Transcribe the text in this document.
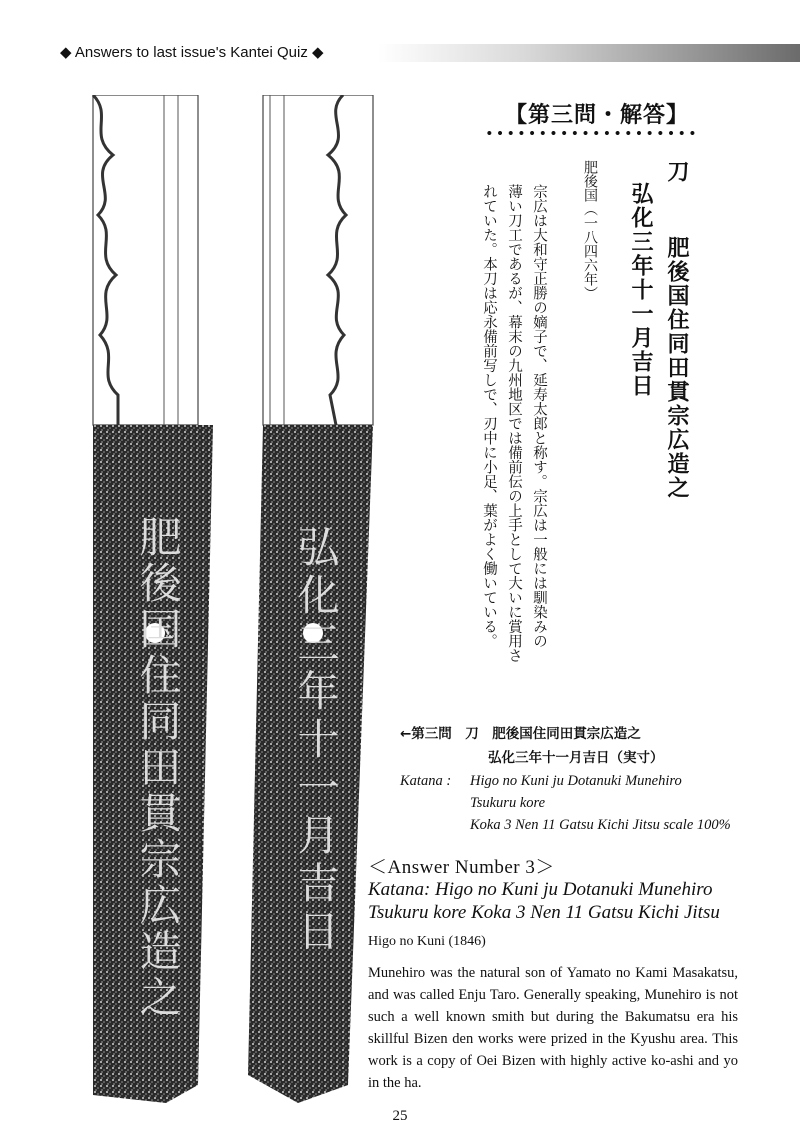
◆ Answers to last issue's Kantei Quiz ◆
肥後国住同田貫宗広造之	弘化三年十一月吉日
【第三問・解答】
刀
肥後国住同田貫宗広造之
弘化三年十一月吉日
肥後国（一八四六年）
宗広は大和守正勝の嫡子で、延寿太郎と称す。宗広は一般には馴染みの
薄い刀工であるが、幕末の九州地区では備前伝の上手として大いに賞用さ
れていた。本刀は応永備前写しで、刃中に小足、葉がよく働いている。
←第三問　刀　肥後国住同田貫宗広造之
弘化三年十一月吉日（実寸）
Katana :	Higo no Kuni ju Dotanuki Munehiro
Tsukuru kore
Koka 3 Nen 11 Gatsu Kichi Jitsu scale 100%
＜Answer Number 3＞
Katana: Higo no Kuni ju Dotanuki Munehiro
Tsukuru kore Koka 3 Nen 11 Gatsu Kichi Jitsu
Higo no Kuni (1846)
Munehiro was the natural son of Yamato no Kami Masakatsu, and was called Enju Taro. Generally speaking, Munehiro is not such a well known smith but during the Bakumatsu era his skillful Bizen den works were prized in the Kyushu area. This work is a copy of Oei Bizen with highly active ko-ashi and yo in the ha.
25
